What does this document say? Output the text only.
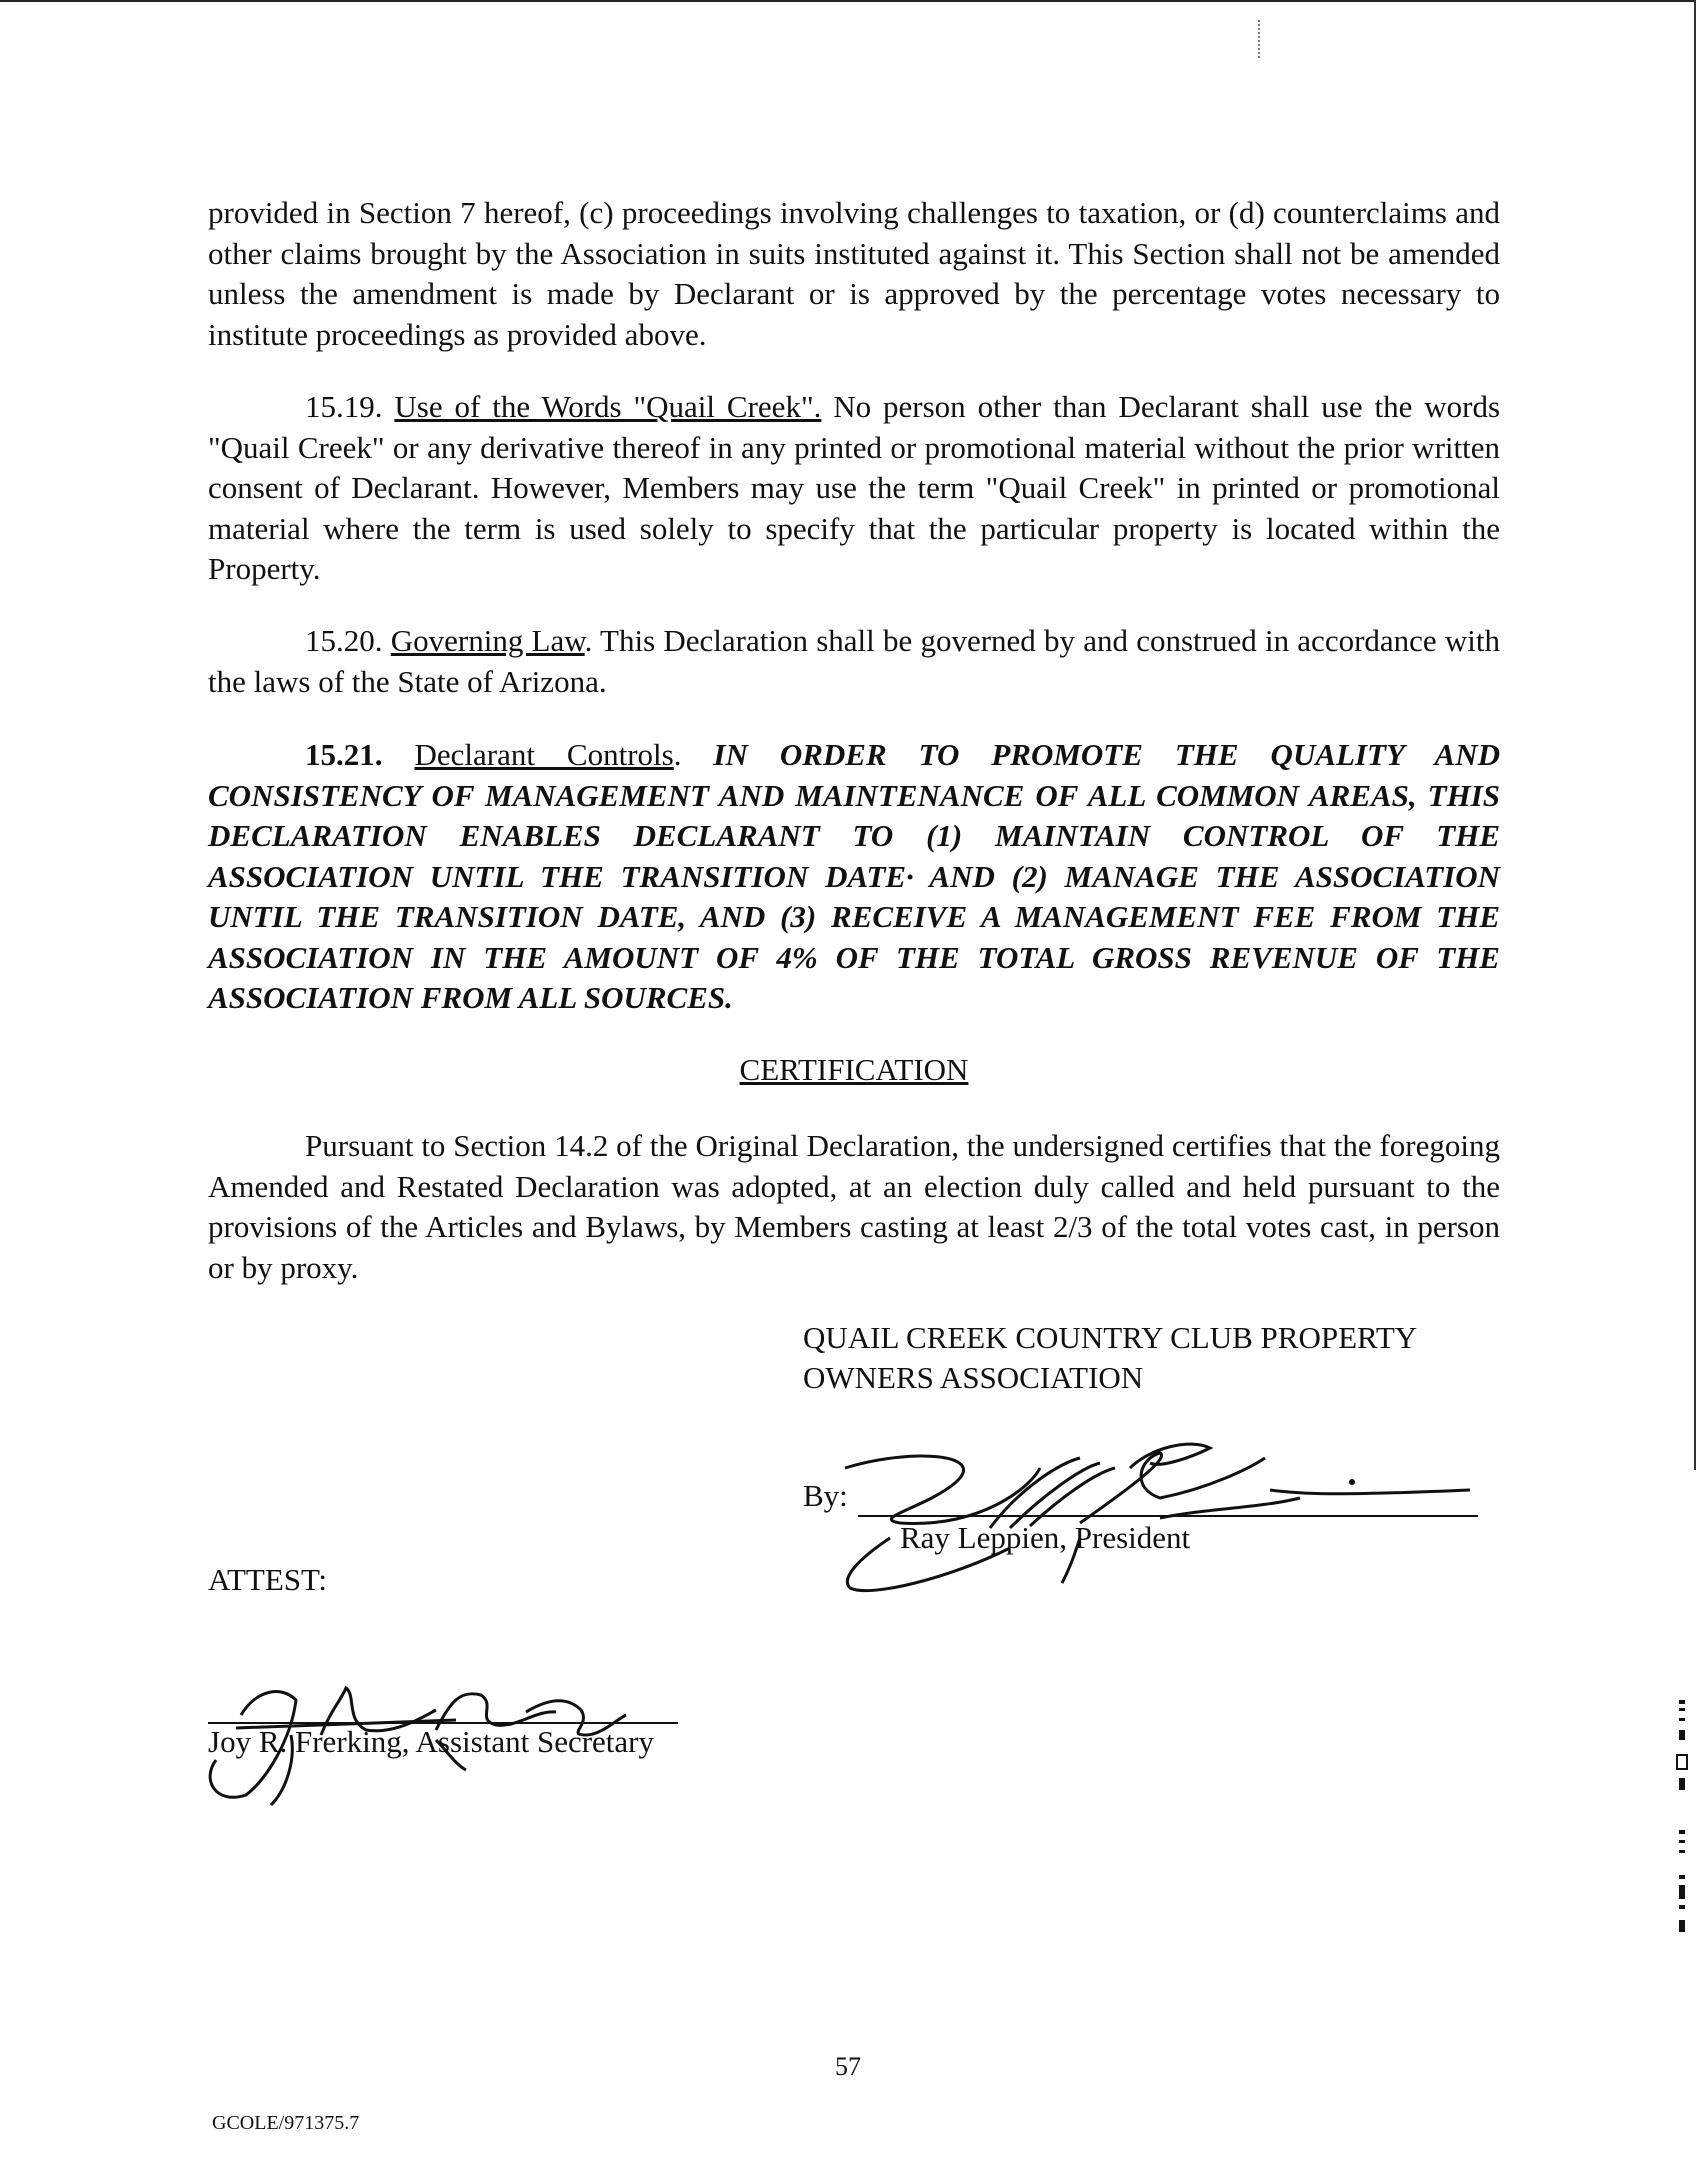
provided in Section 7 hereof, (c) proceedings involving challenges to taxation, or (d) counterclaims and other claims brought by the Association in suits instituted against it. This Section shall not be amended unless the amendment is made by Declarant or is approved by the percentage votes necessary to institute proceedings as provided above.

15.19. Use of the Words "Quail Creek". No person other than Declarant shall use the words "Quail Creek" or any derivative thereof in any printed or promotional material without the prior written consent of Declarant. However, Members may use the term "Quail Creek" in printed or promotional material where the term is used solely to specify that the particular property is located within the Property.

15.20. Governing Law. This Declaration shall be governed by and construed in accordance with the laws of the State of Arizona.

15.21. Declarant Controls. IN ORDER TO PROMOTE THE QUALITY AND CONSISTENCY OF MANAGEMENT AND MAINTENANCE OF ALL COMMON AREAS, THIS DECLARATION ENABLES DECLARANT TO (1) MAINTAIN CONTROL OF THE ASSOCIATION UNTIL THE TRANSITION DATE· AND (2) MANAGE THE ASSOCIATION UNTIL THE TRANSITION DATE, AND (3) RECEIVE A MANAGEMENT FEE FROM THE ASSOCIATION IN THE AMOUNT OF 4% OF THE TOTAL GROSS REVENUE OF THE ASSOCIATION FROM ALL SOURCES.

CERTIFICATION

Pursuant to Section 14.2 of the Original Declaration, the undersigned certifies that the foregoing Amended and Restated Declaration was adopted, at an election duly called and held pursuant to the provisions of the Articles and Bylaws, by Members casting at least 2/3 of the total votes cast, in person or by proxy.

QUAIL CREEK COUNTRY CLUB PROPERTY
OWNERS ASSOCIATION
By:
Ray Leppien, President
ATTEST:
Joy R. Frerking, Assistant Secretary
57
GCOLE/971375.7
